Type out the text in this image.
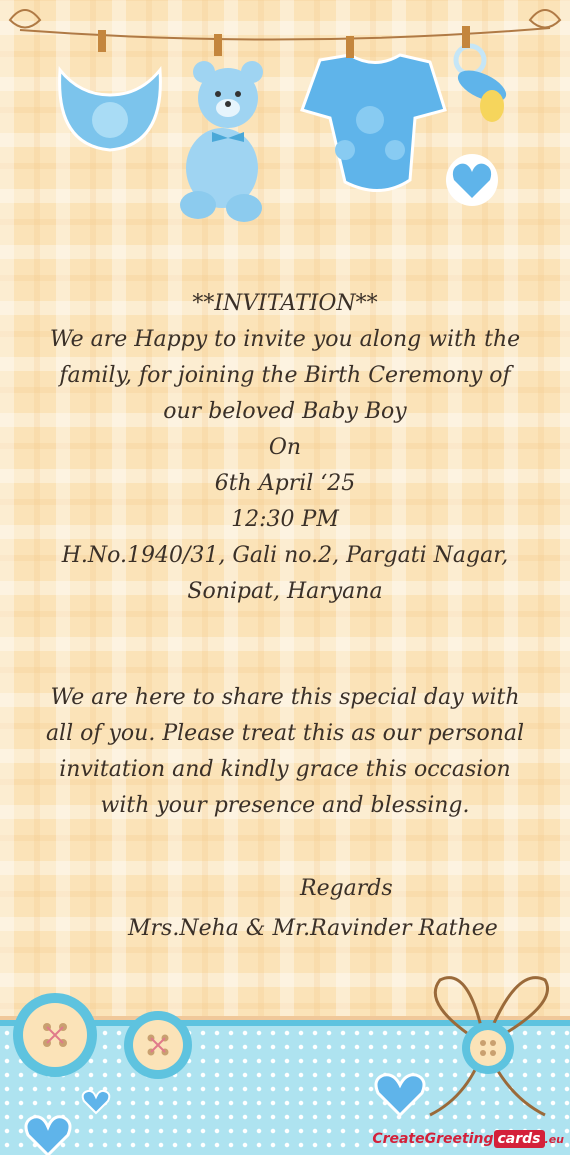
**INVITATION**
We are Happy to invite you along with the
family, for joining the Birth Ceremony of
our beloved Baby Boy
On
6th April ‘25
12:30 PM
H.No.1940/31, Gali no.2, Pargati Nagar,
Sonipat, Haryana
We are here to share this special day with
all of you. Please treat this as our personal
invitation and kindly grace this occasion
with your presence and blessing.
Regards
Mrs.Neha & Mr.Ravinder Rathee
CreateGreeting cards .eu
